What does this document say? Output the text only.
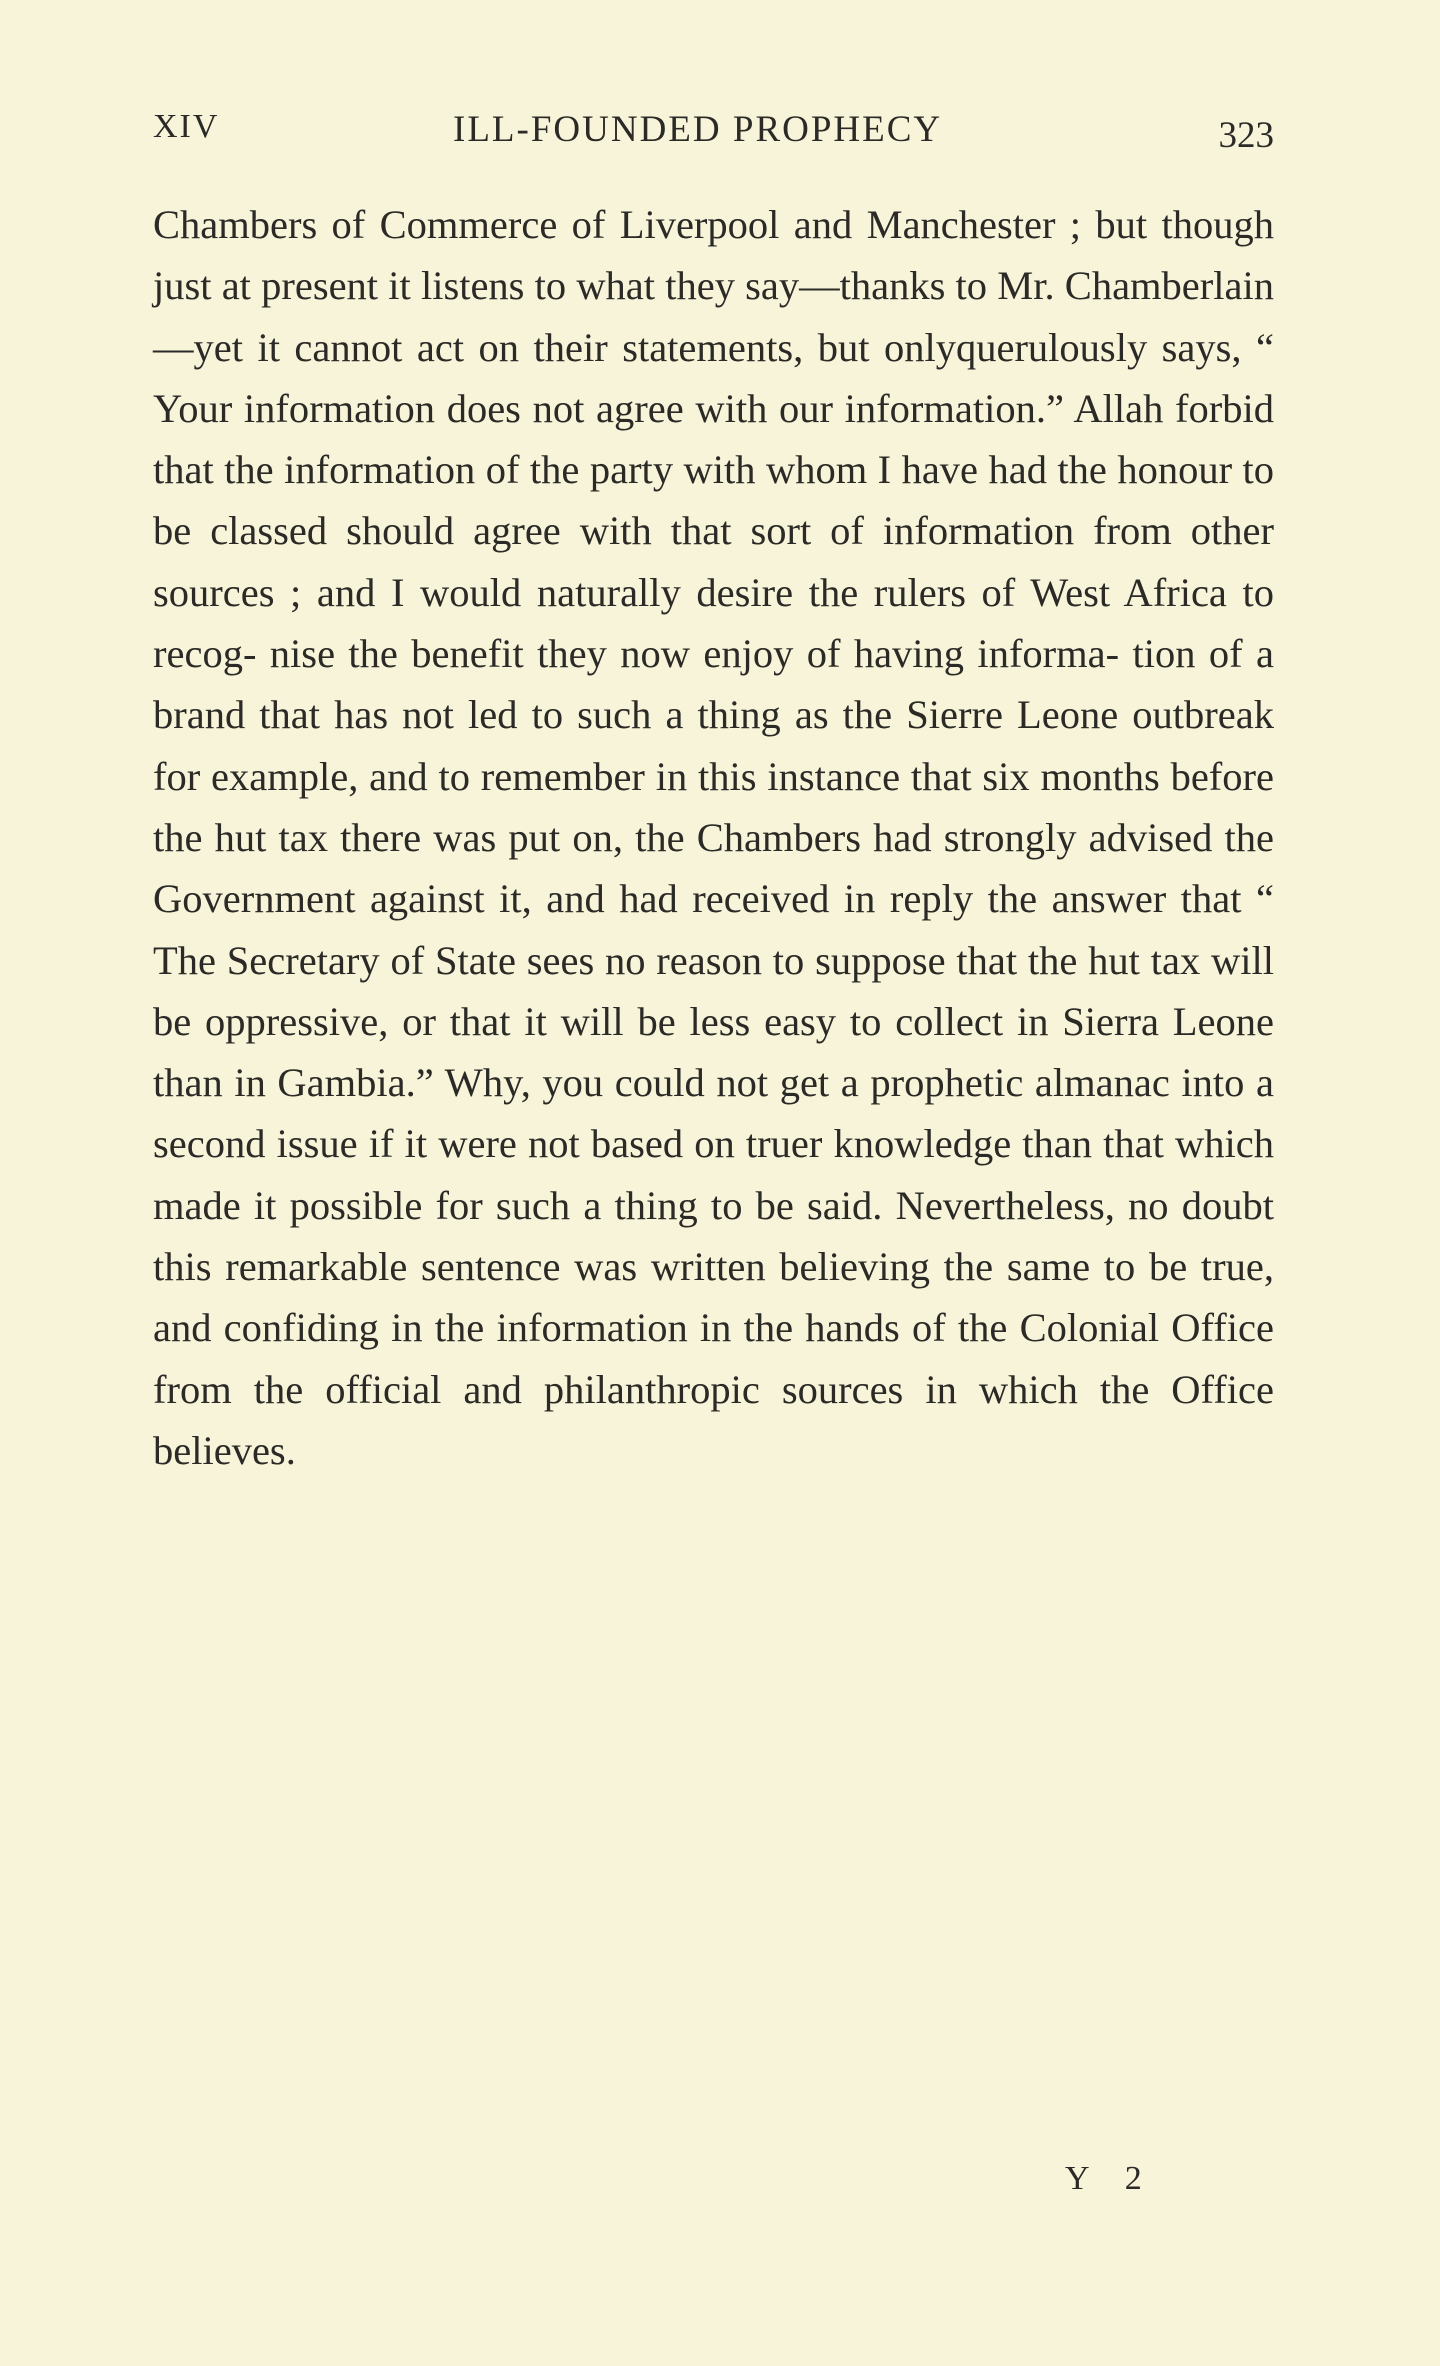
XIV	ILL-FOUNDED PROPHECY	323

Chambers of Commerce of Liverpool and Manchester ; but though just at present it listens to what they say—thanks to Mr. Chamberlain—yet it cannot act on their statements, but onlyquerulously says, “ Your information does not agree with our information.” Allah forbid that the information of the party with whom I have had the honour to be classed should agree with that sort of information from other sources ; and I would naturally desire the rulers of West Africa to recog- nise the benefit they now enjoy of having informa- tion of a brand that has not led to such a thing as the Sierre Leone outbreak for example, and to remember in this instance that six months before the hut tax there was put on, the Chambers had strongly advised the Government against it, and had received in reply the answer that “ The Secretary of State sees no reason to suppose that the hut tax will be oppressive, or that it will be less easy to collect in Sierra Leone than in Gambia.” Why, you could not get a prophetic almanac into a second issue if it were not based on truer knowledge than that which made it possible for such a thing to be said. Nevertheless, no doubt this remarkable sentence was written believing the same to be true, and confiding in the information in the hands of the Colonial Office from the official and philanthropic sources in which the Office believes.

Y 2
